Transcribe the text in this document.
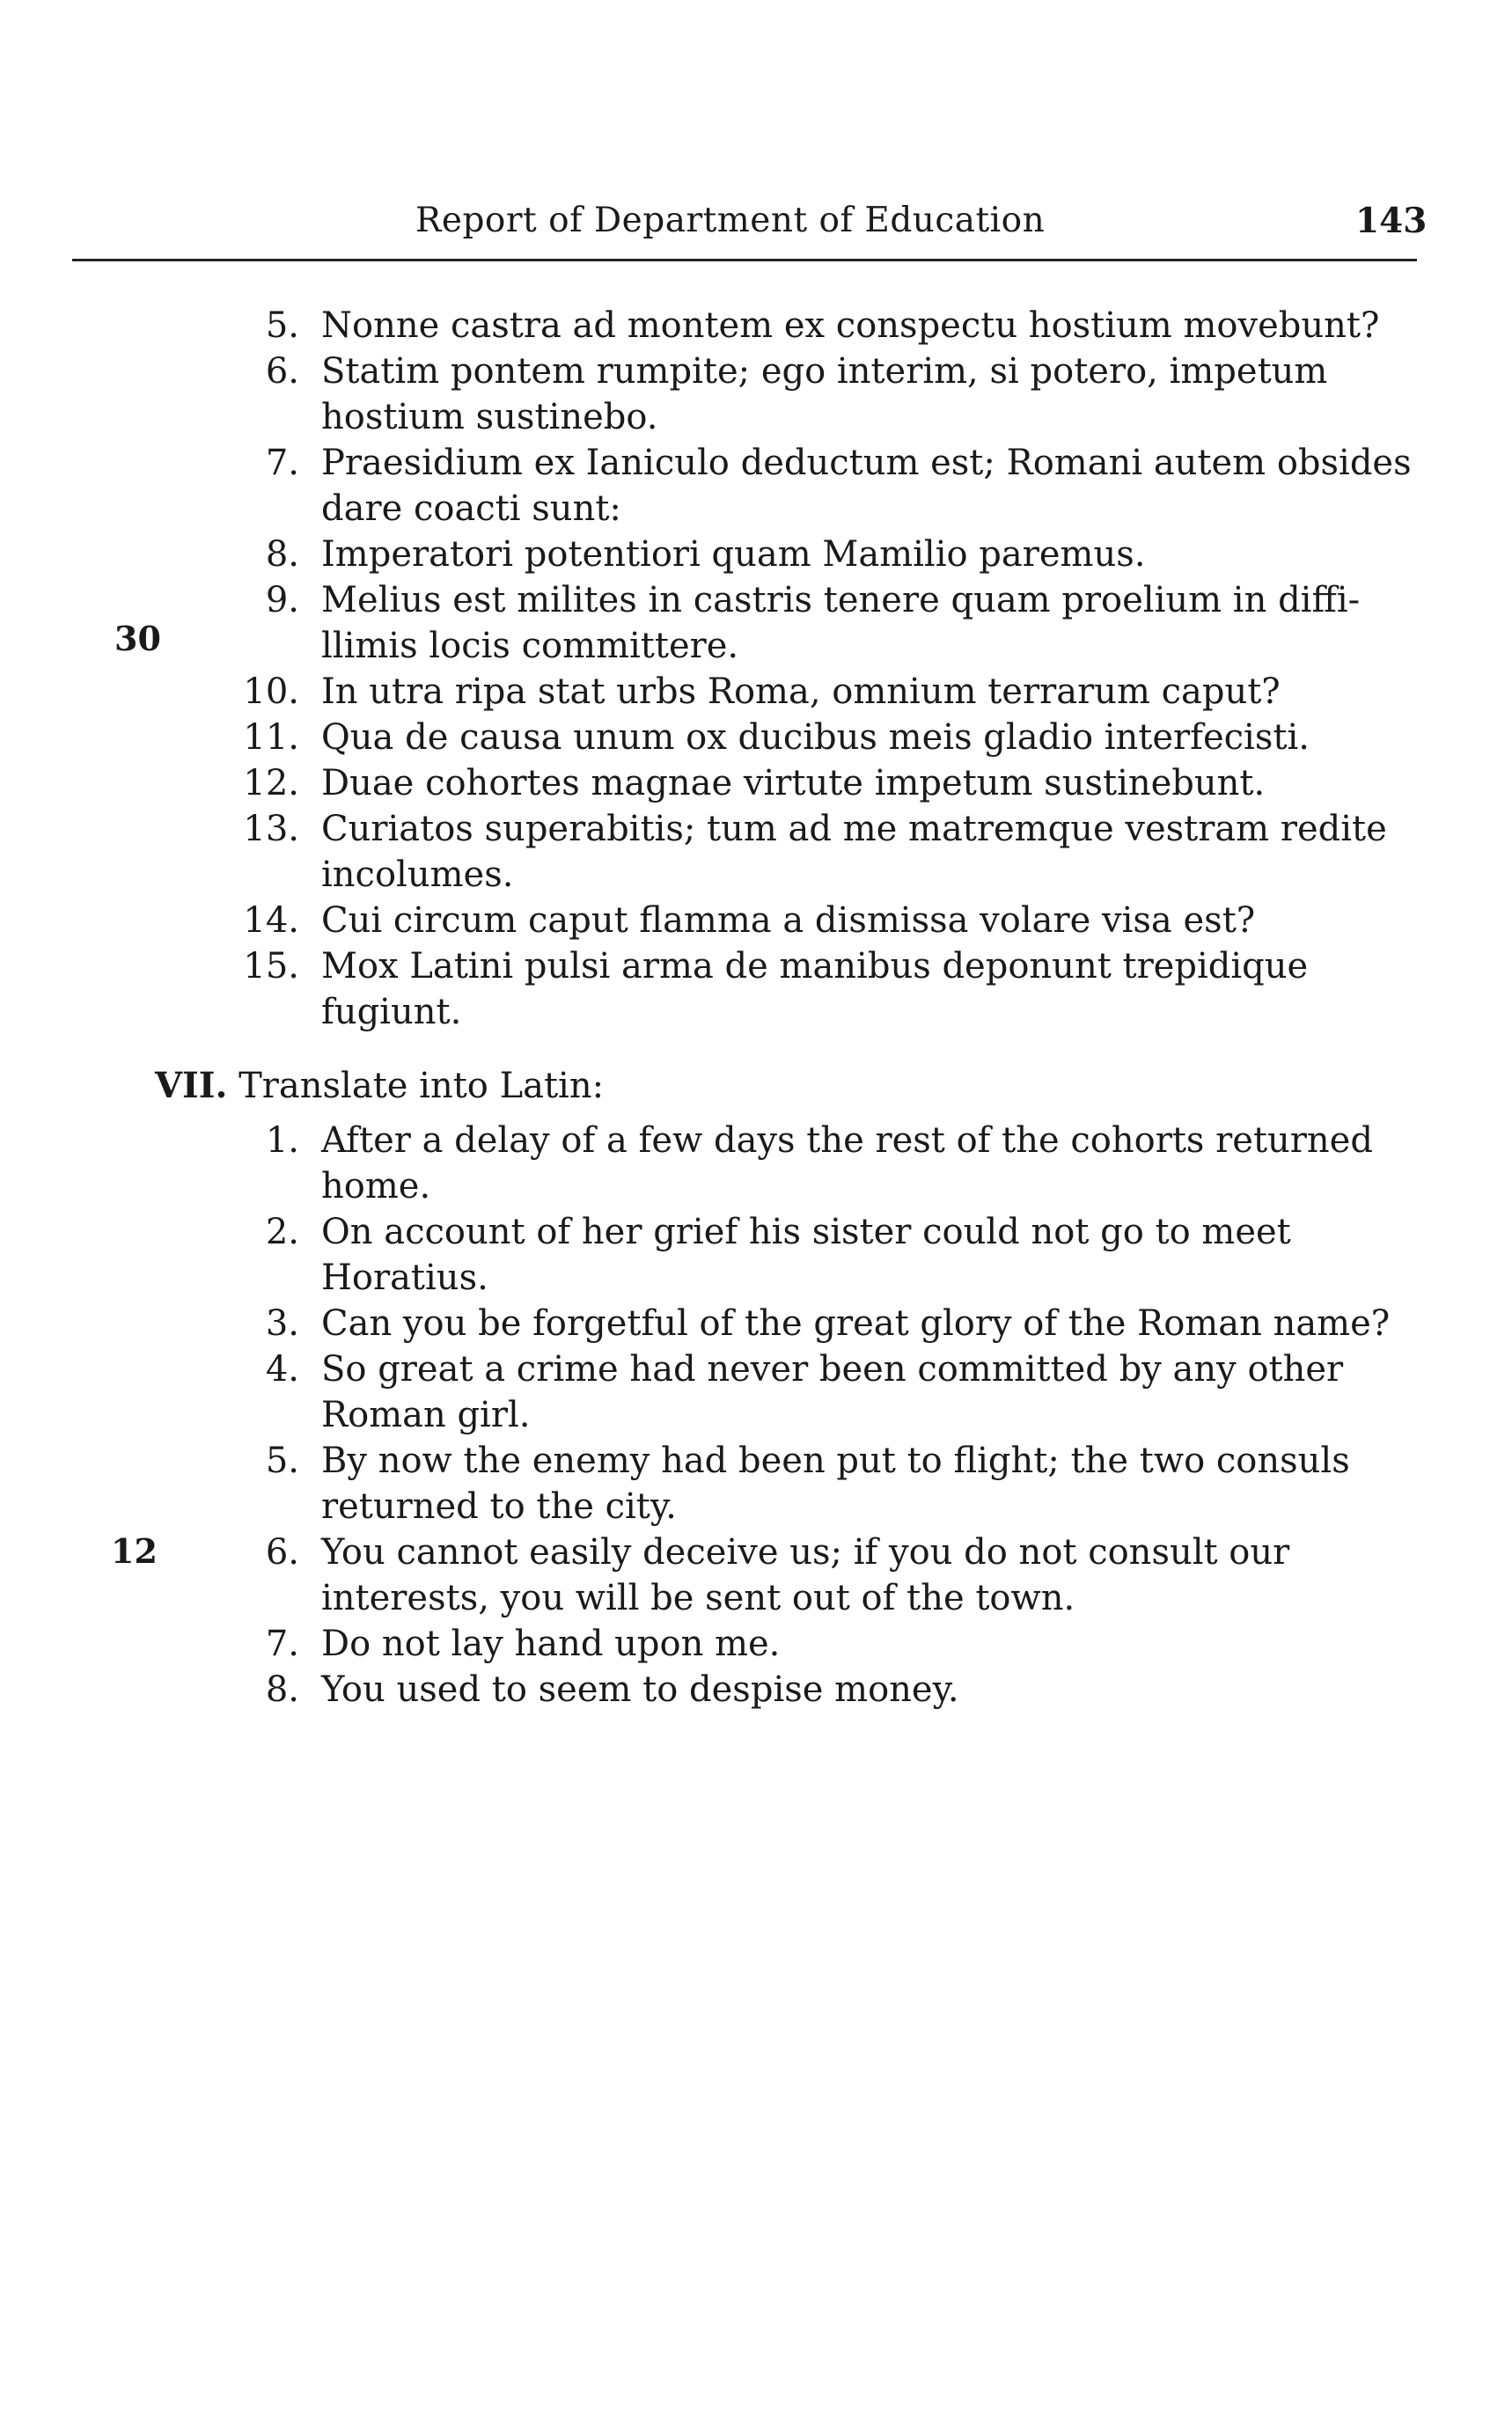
Report of Department of Education	143
30
12
5. Nonne castra ad montem ex conspectu hostium movebunt?
6. Statim pontem rumpite; ego interim, si potero, impetum
hostium sustinebo.
7. Praesidium ex Ianiculo deductum est; Romani autem obsides
dare coacti sunt:
8. Imperatori potentiori quam Mamilio paremus.
9. Melius est milites in castris tenere quam proelium in diffi-
llimis locis committere.
10. In utra ripa stat urbs Roma, omnium terrarum caput?
11. Qua de causa unum ox ducibus meis gladio interfecisti.
12. Duae cohortes magnae virtute impetum sustinebunt.
13. Curiatos superabitis; tum ad me matremque vestram redite
incolumes.
14. Cui circum caput flamma a dismissa volare visa est?
15. Mox Latini pulsi arma de manibus deponunt trepidique
fugiunt.
VII. Translate into Latin:
1. After a delay of a few days the rest of the cohorts returned
home.
2. On account of her grief his sister could not go to meet
Horatius.
3. Can you be forgetful of the great glory of the Roman name?
4. So great a crime had never been committed by any other
Roman girl.
5. By now the enemy had been put to flight; the two consuls
returned to the city.
6. You cannot easily deceive us; if you do not consult our
interests, you will be sent out of the town.
7. Do not lay hand upon me.
8. You used to seem to despise money.
